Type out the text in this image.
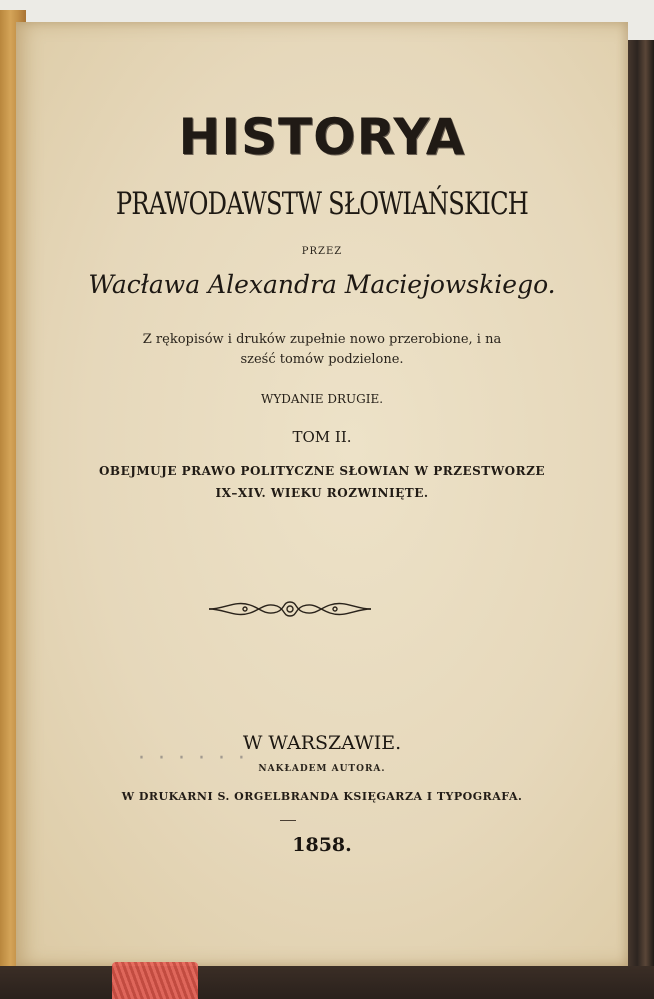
HISTORYA
PRAWODAWSTW SŁOWIAŃSKICH
PRZEZ
Wacława Alexandra Maciejowskiego.
Z rękopisów i druków zupełnie nowo przerobione, i na
sześć tomów podzielone.
WYDANIE DRUGIE.
TOM II.
OBEJMUJE PRAWO POLITYCZNE SŁOWIAN W PRZESTWORZE
IX–XIV. WIEKU ROZWINIĘTE.
W WARSZAWIE.
· · · · · ·	NAKŁADEM AUTORA.
W DRUKARNI S. ORGELBRANDA KSIĘGARZA I TYPOGRAFA.
1858.
